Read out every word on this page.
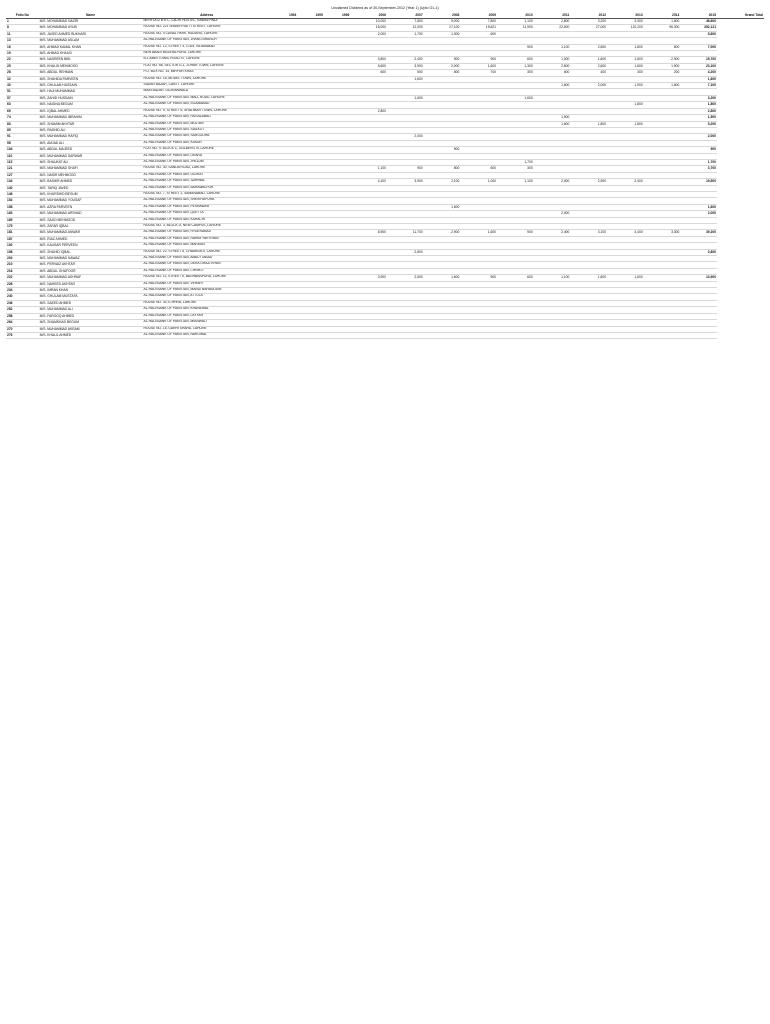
Unclaimed Dividend as of 30-September-2012 (Year 1) (Upto O1-1)
Folio No	Name	Address	1994	1995	1996	2006	2007	2008	2009	2010	2011	2012	2013	2014	2015	Grand Total
1	M/S. MOHAMMAD NAZIR	MEHFOOZ B.R.C. LACHI HOSTEL, RAWALPINDI				10,000	7,800	9,000	7,800	1,100	2,800	3,200	3,300	1,600	46,600	
8	M/S. MOHAMMAD AYUB	HOUSE NO. 221 SHAIKH RATTI STREET, LAHORE				15,000	12,000	27,100	19,621	11,900	22,000	27,000	122,200	96,300	352,121	
11	M/S. JAVED AHMED BUKHARI	HOUSE NO. 4 CANAL PARK, MUZANG, LAHORE				2,000	1,700	1,300	600						5,600	
13	M/S. MUHAMMAD ASLAM	AL-HADI BANK OF PAKISTAN, JHANG BRANCH														
16	M/S. AHMAD KAMAL KHAN	HOUSE NO. 12, STREET 4, G-6/4, ISLAMABAD								900	1,100	2,600	1,800	600	7,000	
19	M/S. AHMAD KHALID	NEW ABADI MUGHALPURA, LAHORE														
22	M/S. NASREEN BIBI	B-1 AMIN TOWN, ROAD 47, LAHORE				3,800	2,400	900	900	600	1,000	1,600	1,600	2,900	15,700	
25	M/S. KHALID MEHMOOD	FLAT NO. 68, SECTOR G-1, JOHAR TOWN, LAHORE				5,600	3,900	2,000	1,600	1,300	2,600	2,600	1,600	1,900	23,100	
28	M/S. ABDUL REHMAN	P.O. BOX NO. 14, MIRPUR KHAS				600	500	600	700	300	600	400	300	200	4,200	
32	M/S. SHAHIDA PARVEEN	HOUSE NO. 18, MODEL TOWN, LAHORE					1,600								1,600	
40	M/S. GHULAM HUSSAIN	SADAR BAZAR, CANTT. LAHORE									1,600	2,000	1,900	1,600	7,100	
51	M/S. HAJI MUHAMMAD	MAIN BAZAR, GUJRANWALA														
57	M/S. ZAHID HUSSAIN	AL-HADI BANK OF PAKISTAN, MALL ROAD, LAHORE					1,600			1,600					3,200	
63	M/S. NAGINA BEGUM	AL-HADI BANK OF PAKISTAN, ISLAMABAD											1,800		1,800	
69	M/S. IQBAL AHMED	HOUSE NO. 5, STREET 6, SHALIMAR TOWN, LAHORE				2,800									2,800	
74	M/S. MUHAMMAD IBRAHIM	AL-HADI BANK OF PAKISTAN, FAISALABAD									1,900				1,900	
80	M/S. SHAMIM AKHTAR	AL-HADI BANK OF PAKISTAN, MULTAN									1,600	1,800	1,800		5,200	
85	M/S. RASHID ALI	AL-HADI BANK OF PAKISTAN, SIALKOT														
91	M/S. MUHAMMAD RAFIQ	AL-HADI BANK OF PAKISTAN, SARGODHA					2,000								2,000	
98	M/S. AMJAD ALI	AL-HADI BANK OF PAKISTAN, KASUR														
104	M/S. ABDUL MAJEED	FLAT NO. 9, BLOCK C, GULBERG III, LAHORE						900							900	
110	M/S. MUHAMMAD SARWAR	AL-HADI BANK OF PAKISTAN, OKARA														
115	M/S. SHAUKAT ALI	AL-HADI BANK OF PAKISTAN, JHELUM								1,700					1,700	
121	M/S. MUHAMMAD SHAFI	HOUSE NO. 40, SANDA ROAD, LAHORE				1,100	900	800	600	300					3,700	
127	M/S. NASIR MEHMOOD	AL-HADI BANK OF PAKISTAN, GUJRAT														
134	M/S. BASHIR AHMED	AL-HADI BANK OF PAKISTAN, SAHIWAL				4,100	3,900	2,100	1,000	1,100	2,000	2,900	2,400		19,500	
140	M/S. TARIQ JAVED	AL-HADI BANK OF PAKISTAN, BAHAWALPUR														
146	M/S. KHURSHID BEGUM	HOUSE NO. 7, STREET 2, SAMANABAD, LAHORE														
152	M/S. MUHAMMAD YOUSAF	AL-HADI BANK OF PAKISTAN, SHEIKHUPURA														
158	M/S. AZRA PARVEEN	AL-HADI BANK OF PAKISTAN, PESHAWAR						1,600							1,600	
163	M/S. MUHAMMAD ARSHAD	AL-HADI BANK OF PAKISTAN, QUETTA									2,000				2,000	
169	M/S. SAJID MEHMOOD	AL-HADI BANK OF PAKISTAN, KARACHI														
175	M/S. ZAFAR IQBAL	HOUSE NO. 3, BLOCK D, NEW CAMPUS, LAHORE														
181	M/S. MUHAMMAD ANWAR	AL-HADI BANK OF PAKISTAN, HYDERABAD				8,900	11,700	2,900	1,600	900	2,400	3,100	4,400	3,300	39,200	
187	M/S. RIAZ AHMED	AL-HADI BANK OF PAKISTAN, RAHIM YAR KHAN														
192	M/S. KAUSAR PERVEEN	AL-HADI BANK OF PAKISTAN, MARDAN														
198	M/S. SHAHID IQBAL	HOUSE NO. 22, STREET 8, CHAUBURJI, LAHORE					2,800								2,800	
204	M/S. MUHAMMAD NAWAZ	AL-HADI BANK OF PAKISTAN, ABBOTTABAD														
210	M/S. PERVAIZ AKHTAR	AL-HADI BANK OF PAKISTAN, DERA GHAZI KHAN														
216	M/S. ABDUL GHAFOOR	AL-HADI BANK OF PAKISTAN, CHINIOT														
222	M/S. MUHAMMAD ASHRAF	HOUSE NO. 11, STREET 5, BAGHBANPURA, LAHORE				3,900	2,600	1,600	900	600	1,100	1,600	1,600		13,900	
228	M/S. NAHEED AKHTAR	AL-HADI BANK OF PAKISTAN, VEHARI														
234	M/S. IMRAN KHAN	AL-HADI BANK OF PAKISTAN, MANDI BAHAUDDIN														
240	M/S. GHULAM MUSTAFA	AL-HADI BANK OF PAKISTAN, ATTOCK														
246	M/S. SAEED AHMED	HOUSE NO. 30, ICHHRA, LAHORE														
252	M/S. MUHAMMAD ALI	AL-HADI BANK OF PAKISTAN, KHANEWAL														
258	M/S. FAROOQ AHMED	AL-HADI BANK OF PAKISTAN, LAYYAH														
264	M/S. SHAMSHAD BEGUM	AL-HADI BANK OF PAKISTAN, MIANWALI														
270	M/S. MUHAMMAD AKRAM	HOUSE NO. 15, GARHI SHAHU, LAHORE														
276	M/S. KHALIL AHMED	AL-HADI BANK OF PAKISTAN, NAROWAL														
